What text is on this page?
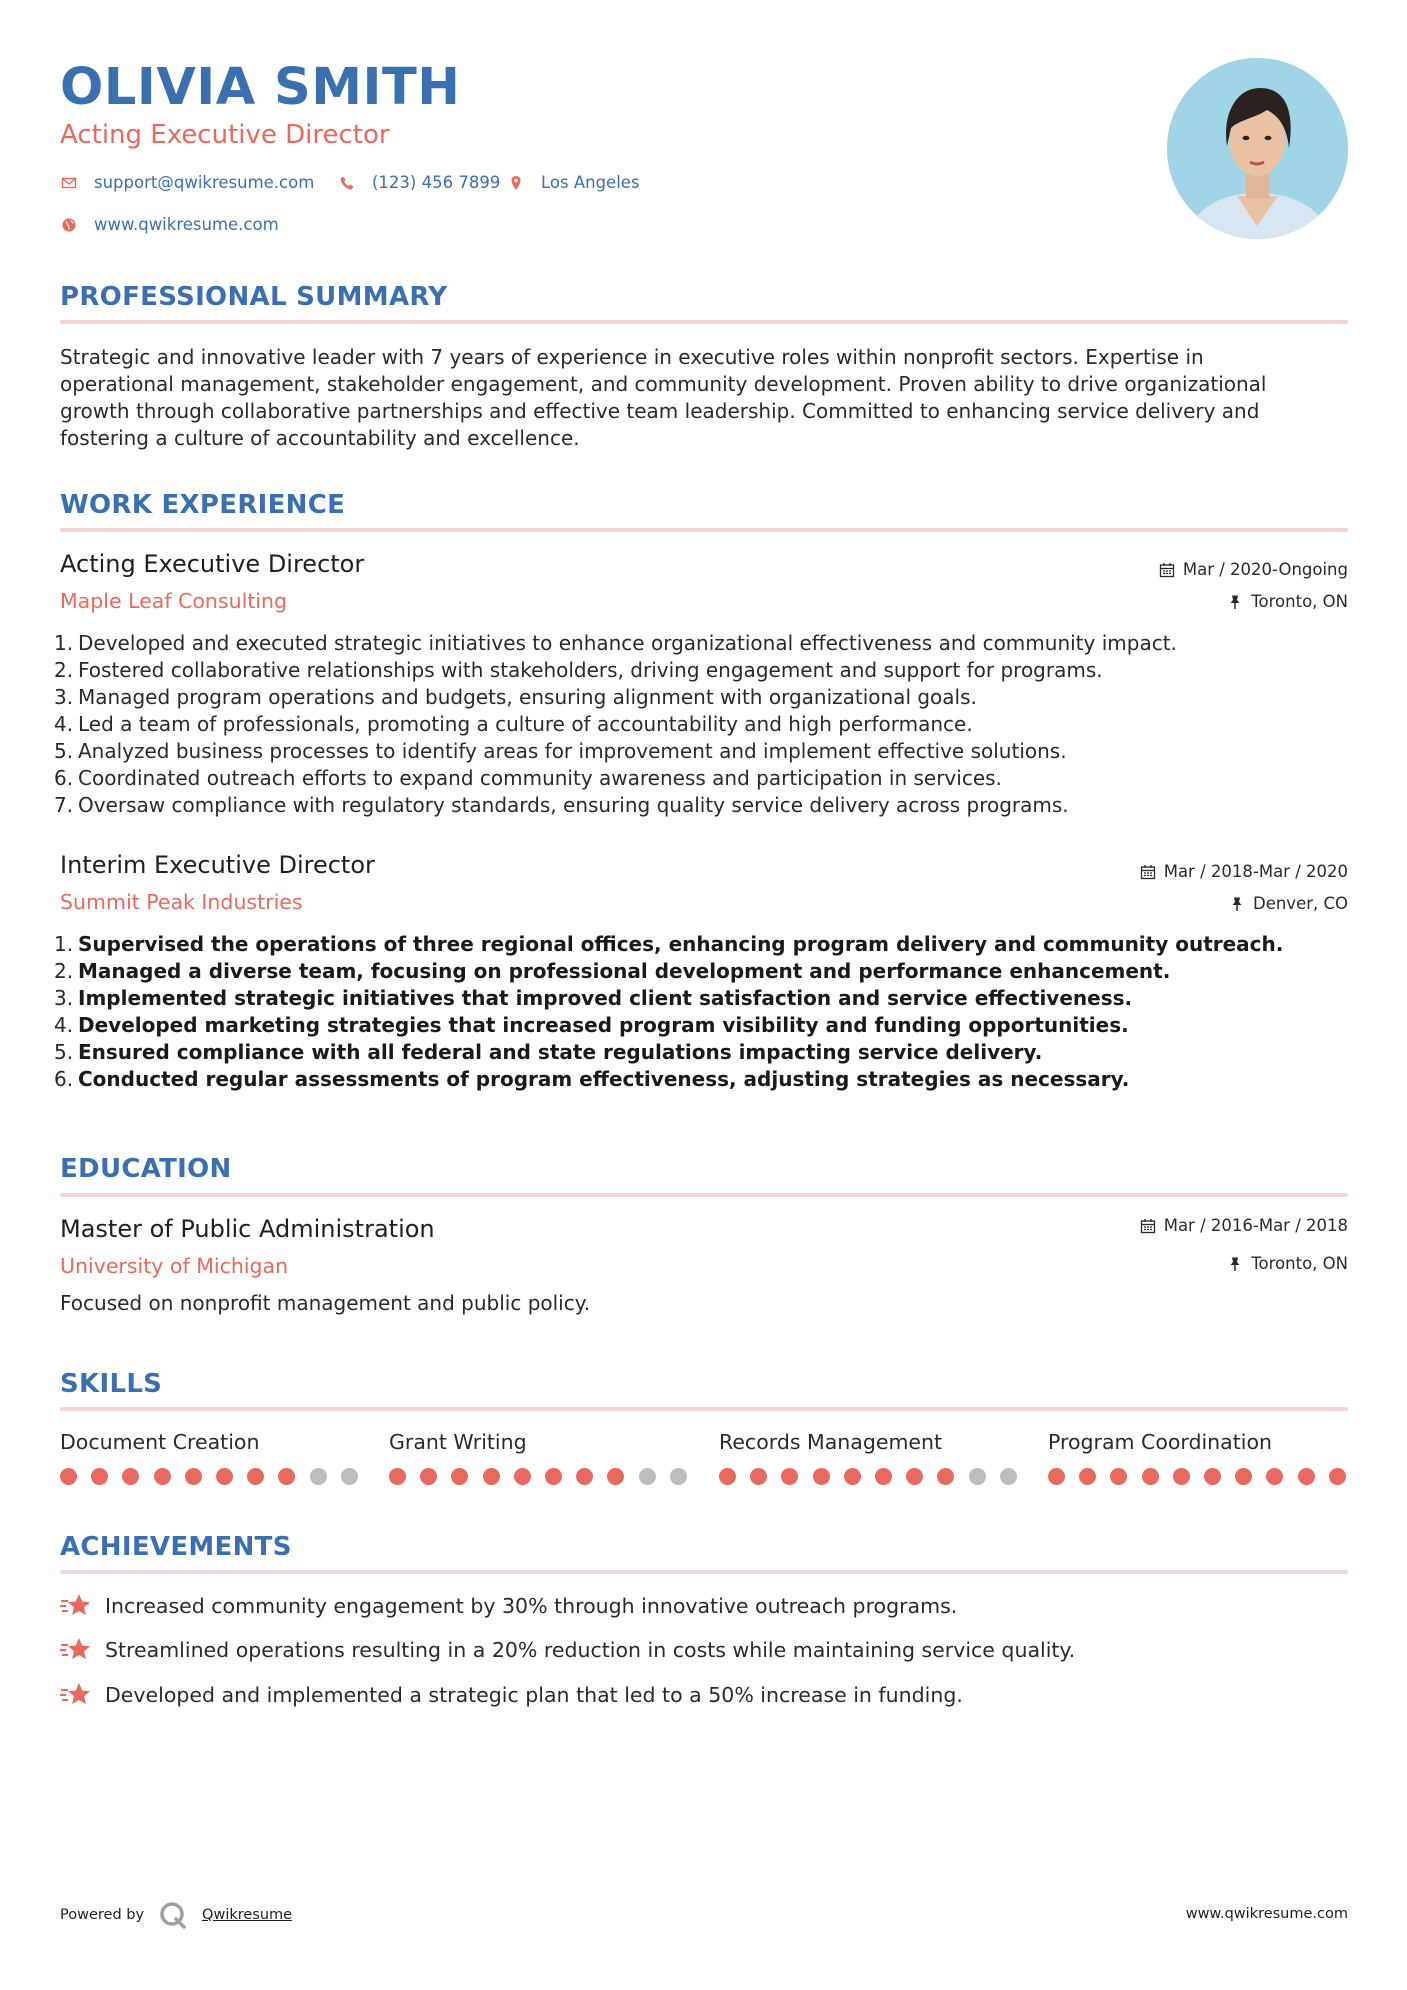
OLIVIA SMITH
Acting Executive Director
support@qwikresume.com	(123) 456 7899 Los Angeles
www.qwikresume.com
PROFESSIONAL SUMMARY
Strategic and innovative leader with 7 years of experience in executive roles within nonprofit sectors. Expertise in
operational management, stakeholder engagement, and community development. Proven ability to drive organizational
growth through collaborative partnerships and effective team leadership. Committed to enhancing service delivery and
fostering a culture of accountability and excellence.
WORK EXPERIENCE
Acting Executive Director
Maple Leaf Consulting
Mar / 2020-Ongoing
Toronto, ON
1. Developed and executed strategic initiatives to enhance organizational effectiveness and community impact.
2. Fostered collaborative relationships with stakeholders, driving engagement and support for programs.
3. Managed program operations and budgets, ensuring alignment with organizational goals.
4. Led a team of professionals, promoting a culture of accountability and high performance.
5. Analyzed business processes to identify areas for improvement and implement effective solutions.
6. Coordinated outreach efforts to expand community awareness and participation in services.
7. Oversaw compliance with regulatory standards, ensuring quality service delivery across programs.
Interim Executive Director
Summit Peak Industries
Mar / 2018-Mar / 2020
Denver, CO
1. Supervised the operations of three regional offices, enhancing program delivery and community outreach.
2. Managed a diverse team, focusing on professional development and performance enhancement.
3. Implemented strategic initiatives that improved client satisfaction and service effectiveness.
4. Developed marketing strategies that increased program visibility and funding opportunities.
5. Ensured compliance with all federal and state regulations impacting service delivery.
6. Conducted regular assessments of program effectiveness, adjusting strategies as necessary.
EDUCATION
Master of Public Administration
University of Michigan
Mar / 2016-Mar / 2018
Toronto, ON
Focused on nonprofit management and public policy.
SKILLS
Document Creation	Grant Writing	Records Management	Program Coordination
ACHIEVEMENTS
Increased community engagement by 30% through innovative outreach programs.
Streamlined operations resulting in a 20% reduction in costs while maintaining service quality.
Developed and implemented a strategic plan that led to a 50% increase in funding.
Powered by	Qwikresume	www.qwikresume.com
